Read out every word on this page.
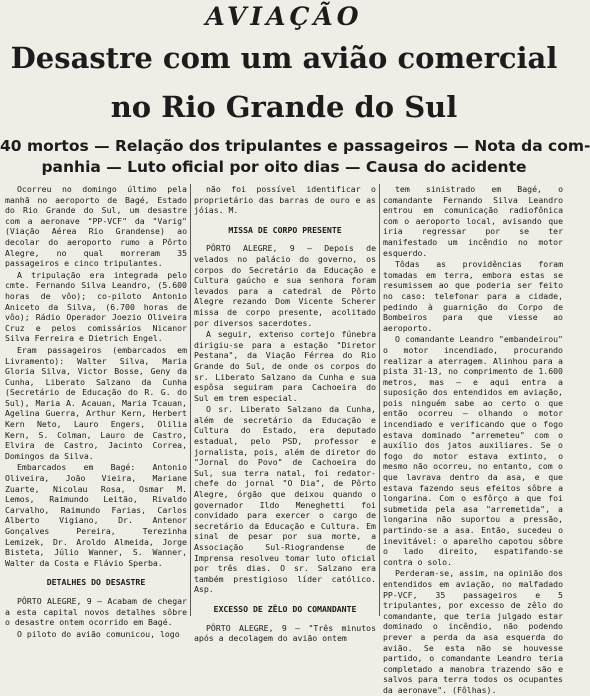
AVIAÇÃO
Desastre com um avião comercial
no Rio Grande do Sul
40 mortos — Relação dos tripulantes e passageiros — Nota da com-
panhia — Luto oficial por oito dias — Causa do acidente

Ocorreu no domingo último pela manhã no aeroporto de Bagé, Estado do Rio Grande do Sul, um desastre com a aeronave "PP-VCF" da "Varig" (Viação Aérea Rio Grandense) ao decolar do aeroporto rumo a Pôrto Alegre, no qual morreram 35 passageiros e cinco tripulantes.

A tripulação era integrada pelo cmte. Fernando Silva Leandro, (5.600 horas de vôo); co-piloto Antonio Aniceto da Silva, (6.700 horas de vôo); Rádio Operador Joezio Oliveira Cruz e pelos comissários Nicanor Silva Ferreira e Dietrich Engel.

Eram passageiros (embarcados em Livramento): Walter Silva, Maria Gloria Silva, Victor Bosse, Geny da Cunha, Liberato Salzano da Cunha (Secretário de Educação do R. G. do Sul), Maria A. Acauan, Maria Tcauan, Agelina Guerra, Arthur Kern, Herbert Kern Neto, Lauro Engers, Olilia Kern, S. Colman, Lauro de Castro, Elvira de Castro, Jacinto Correa, Domingos da Silva.

Embarcados em Bagé: Antonio Oliveira, João Vieira, Mariane Zuarte, Nicolau Rosa, Osmar M. Lemos, Raimundo Leitão, Rivaldo Carvalho, Raimundo Farias, Carlos Alberto Vigiano, Dr. Antenor Gonçalves Pereira, Terezinha Lemizek, Dr. Aroldo Almeida, Jorge Bisteta, Júlio Wanner, S. Wanner, Walter da Costa e Flávio Sperba.

DETALHES DO DESASTRE

PÔRTO ALEGRE, 9 — Acabam de chegar a esta capital novos detalhes sôbre o desastre ontem ocorrido em Bagé.

O piloto do avião comunicou, logo

não foi possível identificar o proprietário das barras de ouro e as jóias. M.

MISSA DE CORPO PRESENTE

PÔRTO ALEGRE, 9 — Depois de velados no palácio do governo, os corpos do Secretário da Educação e Cultura gaúcho e sua senhora foram levados para a catedral de Pôrto Alegre rezando Dom Vicente Scherer missa de corpo presente, acolitado por diversos sacerdotes.

A seguir, extenso cortejo fúnebra dirigiu-se para a estação "Diretor Pestana", da Viação Férrea do Rio Grande do Sul, de onde os corpos do sr. Liberato Salzano da Cunha e sua espôsa seguiram para Cachoeira do Sul em trem especial.

O sr. Liberato Salzano da Cunha, além de secretário da Educação e Cultura do Estado, era deputado estadual, pelo PSD, professor e jornalista, pois, além de diretor do "Jornal do Povo" de Cachoeira do Sul, sua terra natal, foi redator-chefe do jornal "O Dia", de Pôrto Alegre, órgão que deixou quando o governador Ildo Meneghetti foi convidado para exercer o cargo de secretário da Educação e Cultura. Em sinal de pesar por sua morte, a Associação Sul-Riograndense de Imprensa resolveu tomar luto oficial por três dias. O sr. Salzano era também prestigioso líder católico. Asp.

EXCESSO DE ZÊLO DO COMANDANTE

PÔRTO ALEGRE, 9 — "Três minutos após a decolagem do avião ontem

tem sinistrado em Bagé, o comandante Fernando Silva Leandro entrou em comunicação radiofônica com o aeroporto local, avisando que iria regressar por se ter manifestado um incêndio no motor esquerdo.

Tôdas as providências foram tomadas em terra, embora estas se resumissem ao que poderia ser feito no caso: telefonar para a cidade, pedindo à guarnição do Corpo de Bombeiros para que viesse ao aeroporto.

O comandante Leandro "embandeirou" o motor incendiado, procurando realizar a aterragem. Alinhou para a pista 31-13, no comprimento de 1.600 metros, mas — e aqui entra a suposição dos entendidos em aviação, pois ninguém sabe ao certo o que então ocorreu — olhando o motor incendiado e verificando que o fogo estava dominado "arremeteu" com o auxílio dos jatos auxiliares. Se o fogo do motor estava extinto, o mesmo não ocorreu, no entanto, com o que lavrava dentro da asa, e que estava fazendo seus efeitos sôbre a longarina. Com o esfôrço a que foi submetida pela asa "arremetida", a longarina não suportou a pressão, partindo-se a asa. Então, sucedeu o inevitável: o aparelho capotou sôbre o lado direito, espatifando-se contra o solo.

Perderam-se, assim, na opinião dos entendidos em aviação, no malfadado PP-VCF, 35 passageiros e 5 tripulantes, por excesso de zêlo do comandante, que teria julgado estar dominado o incêndio, não podendo prever a perda da asa esquerda do avião. Se esta não se houvesse partido, o comandante Leandro teria completado a manobra trazendo são e salvos para terra todos os ocupantes da aeronave". (Fôlhas).
